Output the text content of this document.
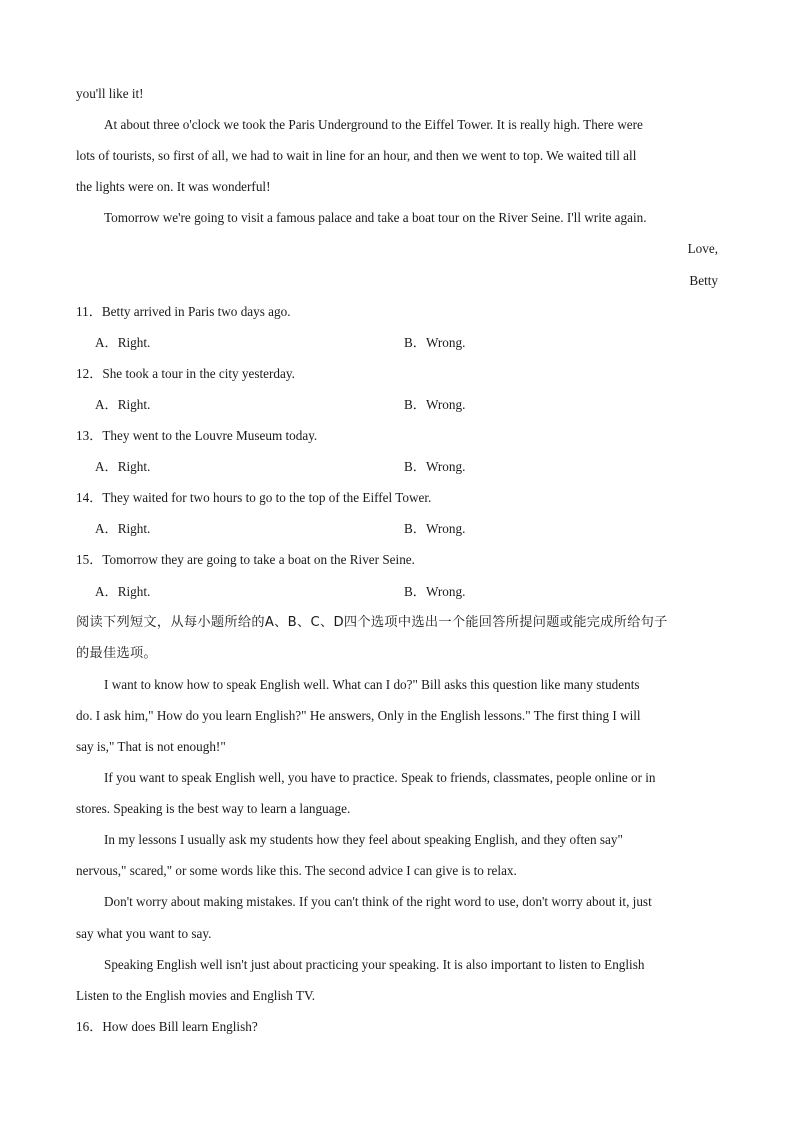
you'll like it!

At about three o'clock we took the Paris Underground to the Eiffel Tower. It is really high. There were

lots of tourists, so first of all, we had to wait in line for an hour, and then we went to top. We waited till all

the lights were on. It was wonderful!

Tomorrow we're going to visit a famous palace and take a boat tour on the River Seine. I'll write again.

Love,

Betty

11．Betty arrived in Paris two days ago.

A．Right.	B．Wrong.

12．She took a tour in the city yesterday.

A．Right.	B．Wrong.

13．They went to the Louvre Museum today.

A．Right.	B．Wrong.

14．They waited for two hours to go to the top of the Eiffel Tower.

A．Right.	B．Wrong.

15．Tomorrow they are going to take a boat on the River Seine.

A．Right.	B．Wrong.

阅读下列短文，从每小题所给的A、B、C、D四个选项中选出一个能回答所提问题或能完成所给句子

的最佳选项。

I want to know how to speak English well. What can I do?" Bill asks this question like many students

do. I ask him," How do you learn English?" He answers, Only in the English lessons." The first thing I will

say is," That is not enough!"

If you want to speak English well, you have to practice. Speak to friends, classmates, people online or in

stores. Speaking is the best way to learn a language.

In my lessons I usually ask my students how they feel about speaking English, and they often say"

nervous," scared," or some words like this. The second advice I can give is to relax.

Don't worry about making mistakes. If you can't think of the right word to use, don't worry about it, just

say what you want to say.

Speaking English well isn't just about practicing your speaking. It is also important to listen to English

Listen to the English movies and English TV.

16．How does Bill learn English?
